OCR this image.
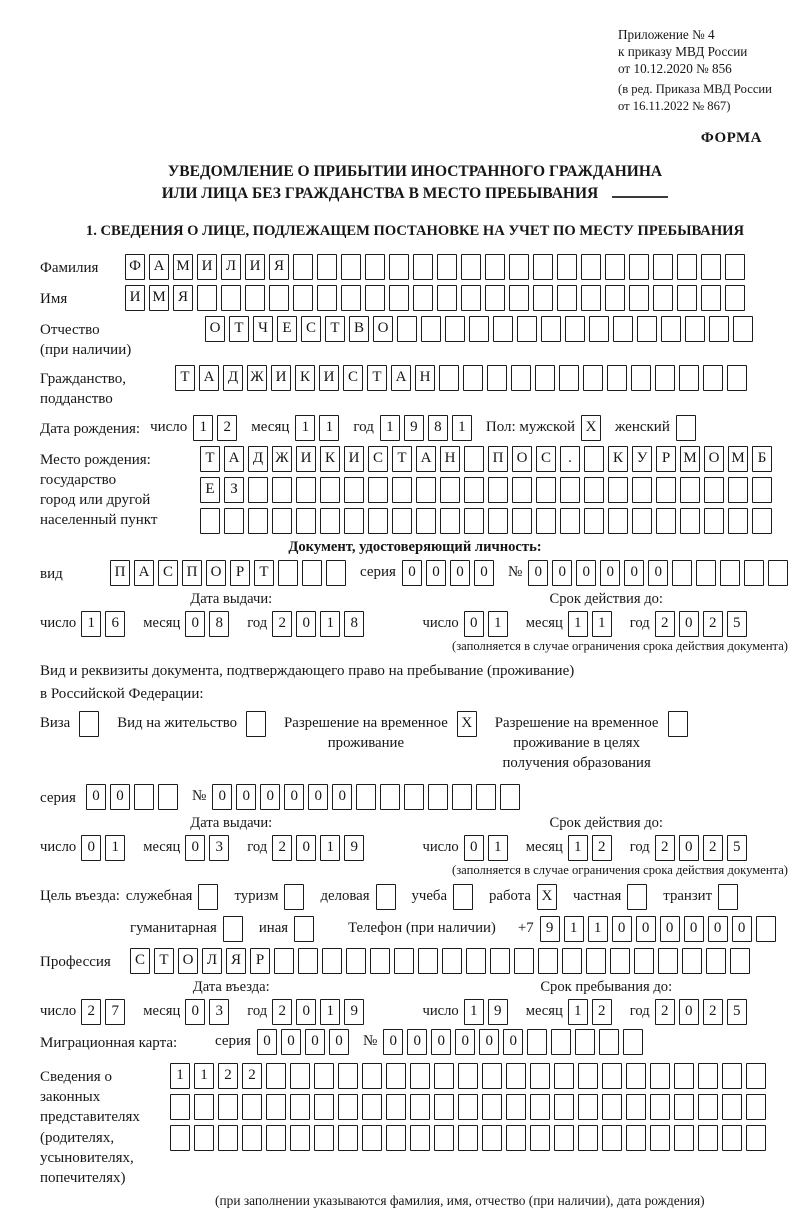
Приложение № 4
к приказу МВД России
от 10.12.2020 № 856
(в ред. Приказа МВД России
от 16.11.2022 № 867)
ФОРМА
УВЕДОМЛЕНИЕ О ПРИБЫТИИ ИНОСТРАННОГО ГРАЖДАНИНА
ИЛИ ЛИЦА БЕЗ ГРАЖДАНСТВА В МЕСТО ПРЕБЫВАНИЯ
1. СВЕДЕНИЯ О ЛИЦЕ, ПОДЛЕЖАЩЕМ ПОСТАНОВКЕ НА УЧЕТ ПО МЕСТУ ПРЕБЫВАНИЯ
Фамилия	Ф А М И Л И Я
Имя	И М Я
Отчество
(при наличии)
О Т Ч Е С Т В О
Гражданство,
подданство
Т А Д Ж И К И С Т А Н
Дата рождения: число 1	2	месяц 1	1	год 1	9	8	1	Пол: мужской X	женский
Место рождения:
государство
город или другой
населенный пункт
Т А Д Ж И К И С Т А Н	П О С	.	К У Р М О М Б
Е	З
Документ, удостоверяющий личность:
вид	П А С П О Р	Т	серия 0	0	0	0	№ 0	0	0	0	0	0
Дата выдачи:
число 1	6	месяц 0	8	год 2	0	1	8
Срок действия до:
число 0	1	месяц 1	1	год 2	0	2	5
(заполняется в случае ограничения срока действия документа)
Вид и реквизиты документа, подтверждающего право на пребывание (проживание)
в Российской Федерации:
Виза	Вид на жительство	Разрешение на временное
проживание
X	Разрешение на временное
проживание в целях
получения образования
серия	0	0	№ 0	0	0	0	0	0
Дата выдачи:
число 0	1	месяц 0	3	год 2	0	1	9
Срок действия до:
число 0	1	месяц 1	2	год 2	0	2	5
(заполняется в случае ограничения срока действия документа)
Цель въезда: служебная	туризм	деловая	учеба	работа X	частная	транзит
гуманитарная	иная	Телефон (при наличии) +7 9	1	1	0	0	0	0	0	0
Профессия	С Т О Л Я Р
Дата въезда:
число 2	7	месяц 0	3	год 2	0	1	9
Срок пребывания до:
число 1	9	месяц 1	2	год 2	0	2	5
Миграционная карта:	серия 0	0	0	0	№ 0	0	0	0	0	0
Сведения о
законных
представителях
(родителях,
усыновителях,
попечителях)
1	1	2	2
(при заполнении указываются фамилия, имя, отчество (при наличии), дата рождения)
